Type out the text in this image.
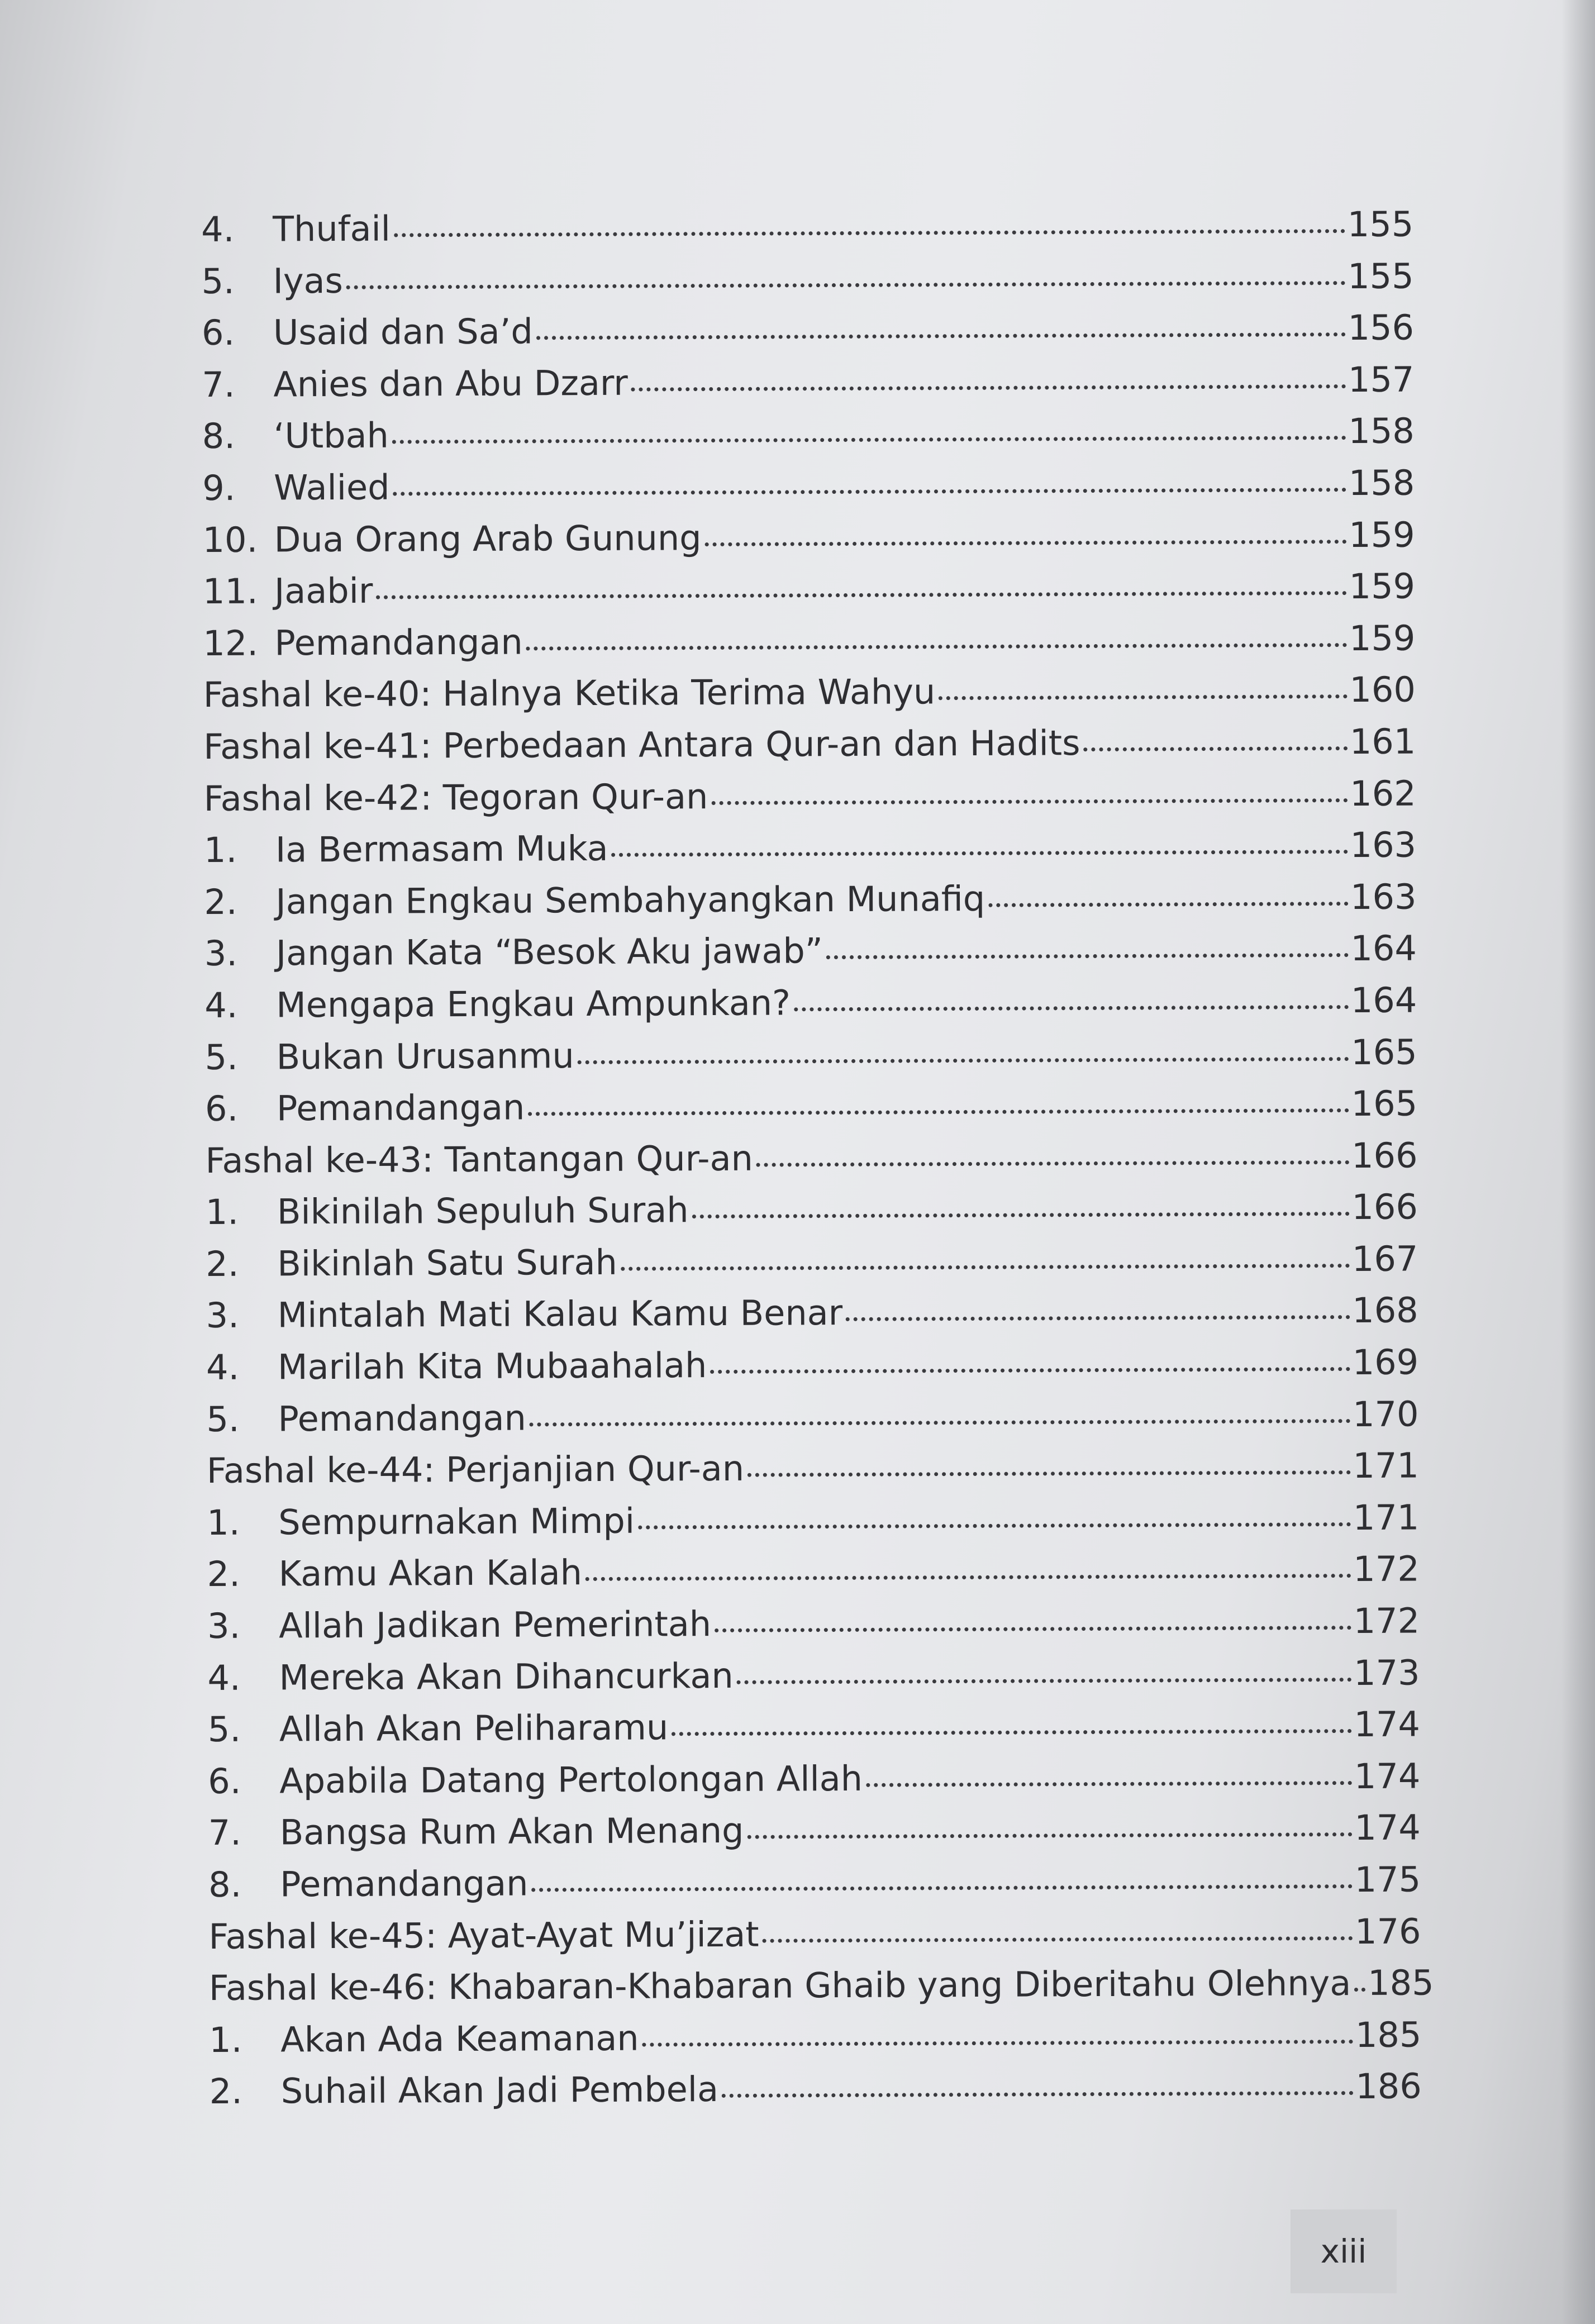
4.	Thufail	155
5.	Iyas	155
6.	Usaid dan Sa’d	156
7.	Anies dan Abu Dzarr	157
8.	‘Utbah	158
9.	Walied	158
10. Dua Orang Arab Gunung	159
11. Jaabir	159
12. Pemandangan	159
Fashal ke-40: Halnya Ketika Terima Wahyu	160
Fashal ke-41: Perbedaan Antara Qur-an dan Hadits	161
Fashal ke-42: Tegoran Qur-an	162
1.	Ia Bermasam Muka	163
2.	Jangan Engkau Sembahyangkan Munafiq	163
3.	Jangan Kata “Besok Aku jawab”	164
4.	Mengapa Engkau Ampunkan?	164
5.	Bukan Urusanmu	165
6.	Pemandangan	165
Fashal ke-43: Tantangan Qur-an	166
1.	Bikinilah Sepuluh Surah	166
2.	Bikinlah Satu Surah	167
3.	Mintalah Mati Kalau Kamu Benar	168
4.	Marilah Kita Mubaahalah	169
5.	Pemandangan	170
Fashal ke-44: Perjanjian Qur-an	171
1.	Sempurnakan Mimpi	171
2.	Kamu Akan Kalah	172
3.	Allah Jadikan Pemerintah	172
4.	Mereka Akan Dihancurkan	173
5.	Allah Akan Peliharamu	174
6.	Apabila Datang Pertolongan Allah	174
7.	Bangsa Rum Akan Menang	174
8.	Pemandangan	175
Fashal ke-45: Ayat-Ayat Mu’jizat	176
Fashal ke-46: Khabaran-Khabaran Ghaib yang Diberitahu Olehnya 185
1.	Akan Ada Keamanan	185
2.	Suhail Akan Jadi Pembela	186
xiii
